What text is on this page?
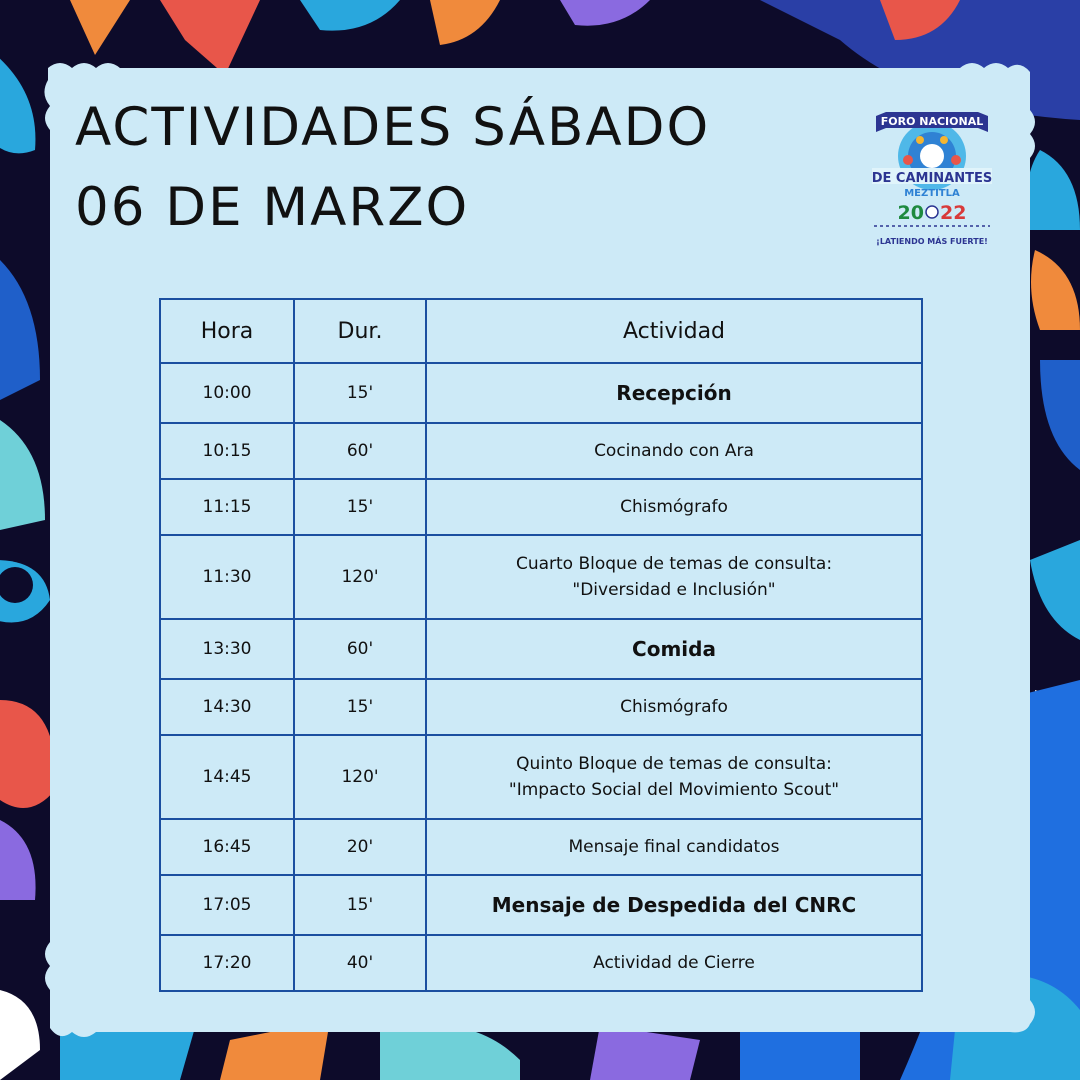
ACTIVIDADES SÁBADO
06 DE MARZO
FORO NACIONAL
DE CAMINANTES
MEZTITLA
20 22
¡LATIENDO MÁS FUERTE!
Hora	Dur.	Actividad
10:00	15'	Recepción

10:15	60'	Cocinando con Ara

11:15	15'	Chismógrafo

11:30	120'	Cuarto Bloque de temas de consulta:
"Diversidad e Inclusión"

13:30	60'	Comida

14:30	15'	Chismógrafo

14:45	120'	Quinto Bloque de temas de consulta:
"Impacto Social del Movimiento Scout"

16:45	20'	Mensaje final candidatos

17:05	15'	Mensaje de Despedida del CNRC

17:20	40'	Actividad de Cierre
